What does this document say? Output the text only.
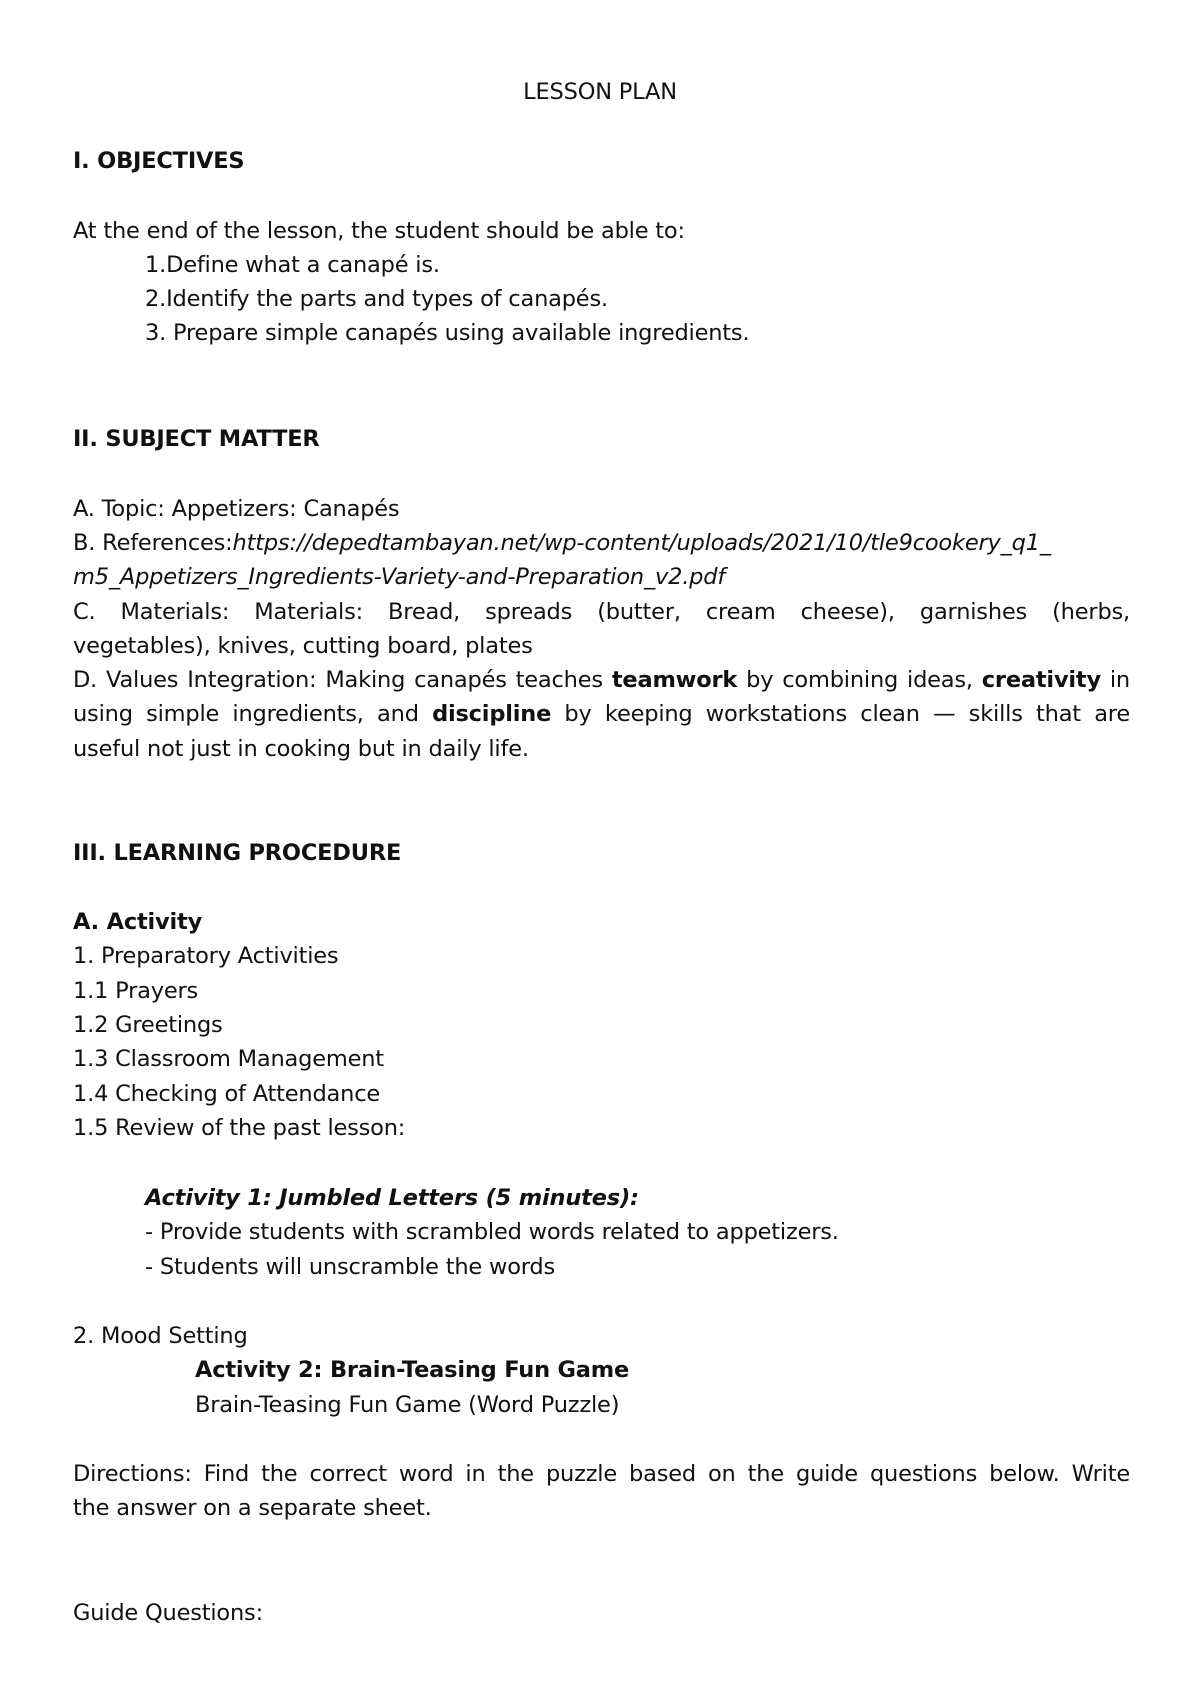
LESSON PLAN
I. OBJECTIVES
At the end of the lesson, the student should be able to:
1.Define what a canapé is.
2.Identify the parts and types of canapés.
3. Prepare simple canapés using available ingredients.
II. SUBJECT MATTER
A. Topic: Appetizers: Canapés
B. References:https://depedtambayan.net/wp-content/uploads/2021/10/tle9cookery_q1_
m5_Appetizers_Ingredients-Variety-and-Preparation_v2.pdf
C. Materials: Materials: Bread, spreads (butter, cream cheese), garnishes (herbs,
vegetables), knives, cutting board, plates
D. Values Integration: Making canapés teaches teamwork by combining ideas, creativity in
using simple ingredients, and discipline by keeping workstations clean — skills that are
useful not just in cooking but in daily life.
III. LEARNING PROCEDURE
A. Activity
1. Preparatory Activities
1.1 Prayers
1.2 Greetings
1.3 Classroom Management
1.4 Checking of Attendance
1.5 Review of the past lesson:
Activity 1: Jumbled Letters (5 minutes):
- Provide students with scrambled words related to appetizers.
- Students will unscramble the words
2. Mood Setting
Activity 2: Brain-Teasing Fun Game
Brain-Teasing Fun Game (Word Puzzle)
Directions: Find the correct word in the puzzle based on the guide questions below. Write
the answer on a separate sheet.
Guide Questions:
